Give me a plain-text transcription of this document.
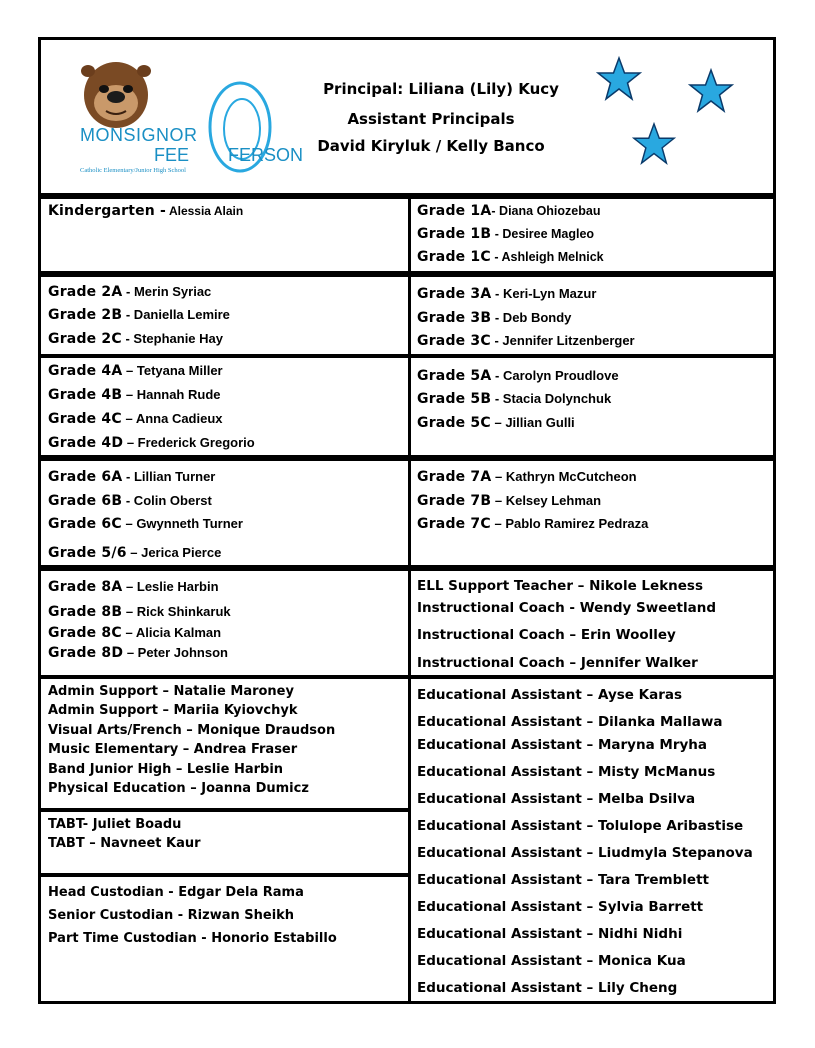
MONSIGNOR
FEE FERSON
Catholic Elementary/Junior High School
Principal: Liliana (Lily) Kucy
Assistant Principals
David Kiryluk / Kelly Banco
Kindergarten - Alessia Alain
Grade 2A - Merin Syriac
Grade 2B - Daniella Lemire
Grade 2C - Stephanie Hay
Grade 4A – Tetyana Miller
Grade 4B – Hannah Rude
Grade 4C – Anna Cadieux
Grade 4D – Frederick Gregorio
Grade 6A - Lillian Turner
Grade 6B - Colin Oberst
Grade 6C – Gwynneth Turner
Grade 5/6 – Jerica Pierce
Grade 8A – Leslie Harbin
Grade 8B – Rick Shinkaruk
Grade 8C – Alicia Kalman
Grade 8D – Peter Johnson
Admin Support – Natalie Maroney
Admin Support – Mariia Kyiovchyk
Visual Arts/French – Monique Draudson
Music Elementary – Andrea Fraser
Band Junior High – Leslie Harbin
Physical Education – Joanna Dumicz
TABT- Juliet Boadu
TABT – Navneet Kaur
Head Custodian - Edgar Dela Rama
Senior Custodian - Rizwan Sheikh
Part Time Custodian - Honorio Estabillo
Grade 1A- Diana Ohiozebau
Grade 1B - Desiree Magleo
Grade 1C - Ashleigh Melnick
Grade 3A - Keri-Lyn Mazur
Grade 3B - Deb Bondy
Grade 3C - Jennifer Litzenberger
Grade 5A - Carolyn Proudlove
Grade 5B - Stacia Dolynchuk
Grade 5C – Jillian Gulli
Grade 7A – Kathryn McCutcheon
Grade 7B – Kelsey Lehman
Grade 7C – Pablo Ramirez Pedraza
ELL Support Teacher – Nikole Lekness
Instructional Coach - Wendy Sweetland
Instructional Coach – Erin Woolley
Instructional Coach – Jennifer Walker
Educational Assistant – Ayse Karas
Educational Assistant – Dilanka Mallawa
Educational Assistant – Maryna Mryha
Educational Assistant – Misty McManus
Educational Assistant – Melba Dsilva
Educational Assistant – Tolulope Aribastise
Educational Assistant – Liudmyla Stepanova
Educational Assistant – Tara Tremblett
Educational Assistant – Sylvia Barrett
Educational Assistant – Nidhi Nidhi
Educational Assistant – Monica Kua
Educational Assistant – Lily Cheng
